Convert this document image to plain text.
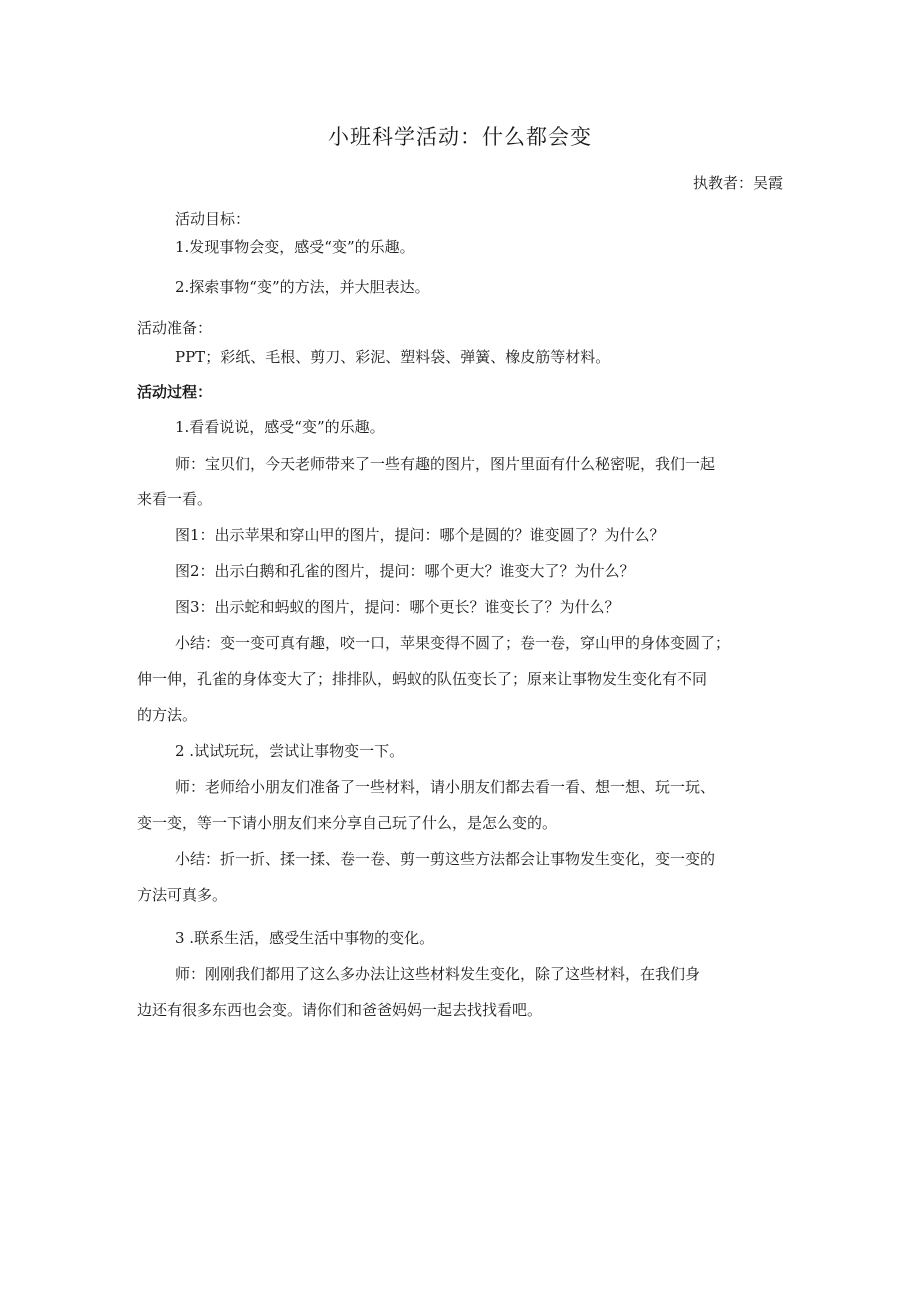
小班科学活动：什么都会变
执教者：吴霞
活动目标：
1.发现事物会变，感受“变”的乐趣。
2.探索事物“变”的方法，并大胆表达。
活动准备：
PPT；彩纸、毛根、剪刀、彩泥、塑料袋、弹簧、橡皮筋等材料。
活动过程：
1.看看说说，感受“变”的乐趣。
师：宝贝们，今天老师带来了一些有趣的图片，图片里面有什么秘密呢，我们一起
来看一看。
图1：出示苹果和穿山甲的图片，提问：哪个是圆的？谁变圆了？为什么？
图2：出示白鹅和孔雀的图片，提问：哪个更大？谁变大了？为什么？
图3：出示蛇和蚂蚁的图片，提问：哪个更长？谁变长了？为什么？
小结：变一变可真有趣，咬一口，苹果变得不圆了；卷一卷，穿山甲的身体变圆了；
伸一伸，孔雀的身体变大了；排排队，蚂蚁的队伍变长了；原来让事物发生变化有不同
的方法。
2 .试试玩玩，尝试让事物变一下。
师：老师给小朋友们准备了一些材料，请小朋友们都去看一看、想一想、玩一玩、
变一变，等一下请小朋友们来分享自己玩了什么，是怎么变的。
小结：折一折、揉一揉、卷一卷、剪一剪这些方法都会让事物发生变化，变一变的
方法可真多。
3 .联系生活，感受生活中事物的变化。
师：刚刚我们都用了这么多办法让这些材料发生变化，除了这些材料，在我们身
边还有很多东西也会变。请你们和爸爸妈妈一起去找找看吧。
